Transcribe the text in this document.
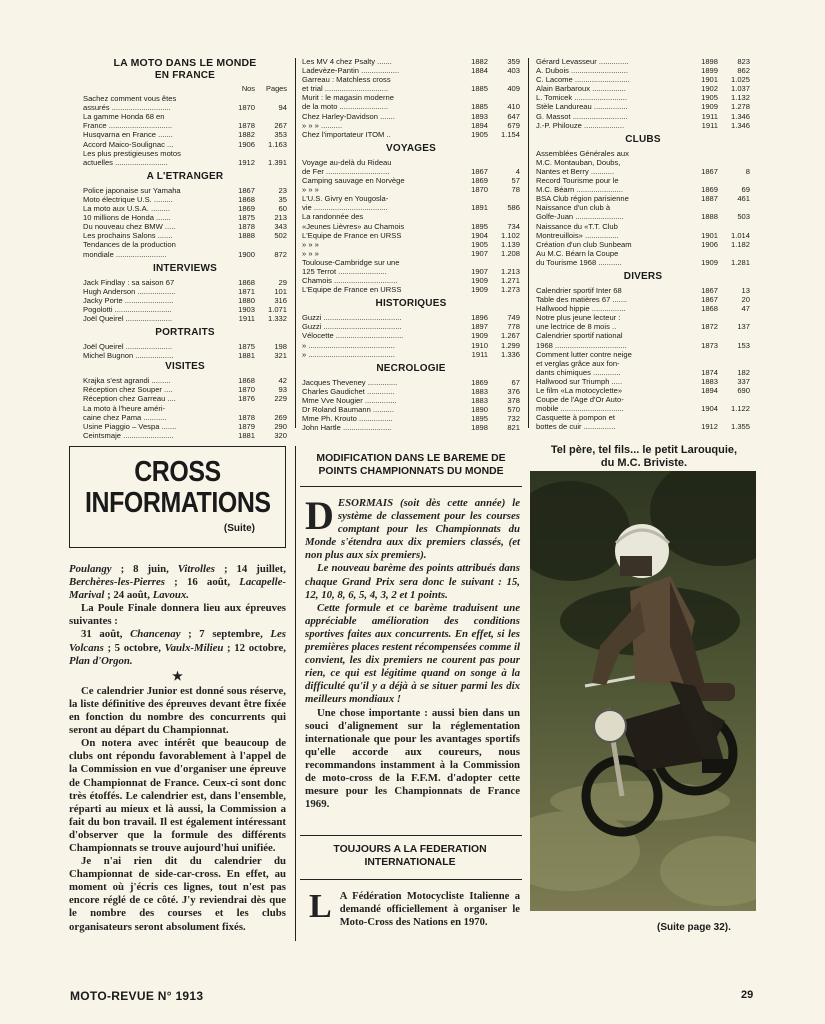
LA MOTO DANS LE MONDE
EN FRANCE
Nos	Pages
Sachez comment vous êtes
assurés ............................	1870	94
La gamme Honda 68 en
France ..............................	1878	267
Husqvarna en France .......	1882	353
Accord Maico-Soulignac ...	1906	1.163
Les plus prestigieuses motos
actuelles .........................	1912	1.391
A L'ETRANGER
Police japonaise sur Yamaha	1867	23
Moto électrique U.S. .........	1868	35
La moto aux U.S.A. .........	1869	60
10 millions de Honda .......	1875	213
Du nouveau chez BMW .....	1878	343
Les prochains Salons .......	1888	502
Tendances de la production
mondiale ........................	1900	872
INTERVIEWS
Jack Findlay : sa saison 67	1868	29
Hugh Anderson ..................	1871	101
Jacky Porte .......................	1880	316
Pogolotti ...........................	1903	1.071
Joël Queirel ......................	1911	1.332
PORTRAITS
Joël Queirel ......................	1875	198
Michel Bugnon ..................	1881	321
VISITES
Krajka s'est agrandi .........	1868	42
Réception chez Souper ....	1870	93
Réception chez Garreau ....	1876	229
La moto à l'heure améri-
caine chez Pama ...........	1878	269
Usine Piaggio – Vespa .......	1879	290
Ceintsmaje ........................	1881	320
Les MV 4 chez Psalty .......	1882	359
Ladevèze-Pantin ..................	1884	403
Garreau : Matchless cross
et trial ..............................	1885	409
Murit : le magasin moderne
de la moto .......................	1885	410
Chez Harley-Davidson .......	1893	647
» » » ..........	1894	679
Chez l'importateur ITOM ..	1905	1.154
VOYAGES
Voyage au-delà du Rideau
de Fer ..............................	1867	4
Camping sauvage en Norvège	1869	57
» » »	1870	78
L'U.S. Givry en Yougosla-
vie ...................................	1891	586
La randonnée des
«Jeunes Lièvres» au Chamois	1895	734
L'Equipe de France en URSS	1904	1.102
» » »	1905	1.139
» » »	1907	1.208
Toulouse-Cambridge sur une
125 Terrot .......................	1907	1.213
Chamois ..............................	1909	1.271
L'Equipe de France en URSS	1909	1.273
HISTORIQUES
Guzzi .....................................	1896	749
Guzzi .....................................	1897	778
Vélocette ................................	1909	1.267
» .........................................	1910	1.299
» .........................................	1911	1.336
NECROLOGIE
Jacques Theveney ..............	1869	67
Charles Gaudichet .............	1883	376
Mme Vve Nougier ...............	1883	378
Dr Roland Baumann ..........	1890	570
Mme Ph. Krouto ................	1895	732
John Hartle .......................	1898	821
Gérard Levasseur ..............	1898	823
A. Dubois ...........................	1899	862
C. Lacome ..........................	1901	1.025
Alain Barbaroux ................	1902	1.037
L. Tomicek .........................	1905	1.132
Stèle Landureau ................	1909	1.278
G. Massot ..........................	1911	1.346
J.-P. Philouze ...................	1911	1.346
CLUBS
Assemblées Générales aux
M.C. Montauban, Doubs,
Nantes et Berry ...........	1867	8
Record Tourisme pour le
M.C. Béarn ......................	1869	69
BSA Club région parisienne	1887	461
Naissance d'un club à
Golfe-Juan .......................	1888	503
Naissance du «T.T. Club
Montreuillois» ................	1901	1.014
Création d'un club Sunbeam	1906	1.182
Au M.C. Béarn la Coupe
du Tourisme 1968 ...........	1909	1.281
DIVERS
Calendrier sportif Inter 68	1867	13
Table des matières 67 .......	1867	20
Hallwood hippie ................	1868	47
Notre plus jeune lecteur :
une lectrice de 8 mois ..	1872	137
Calendrier sportif national
1968 ..................................	1873	153
Comment lutter contre neige
et verglas grâce aux fon-
dants chimiques .............	1874	182
Hallwood sur Triumph .....	1883	337
Le film «La motocyclette»	1894	690
Coupe de l'Age d'Or Auto-
mobile ..............................	1904	1.122
Casquette à pompon et
bottes de cuir ...............	1912	1.355
CROSS
INFORMATIONS
(Suite)

Poulangy ; 8 juin, Vitrolles ; 14 juillet, Berchères-les-Pierres ; 16 août, Lacapelle-Marival ; 24 août, Lavoux.

La Poule Finale donnera lieu aux épreuves suivantes :

31 août, Chancenay ; 7 septembre, Les Volcans ; 5 octobre, Vaulx-Milieu ; 12 octobre, Plan d'Orgon.

★

Ce calendrier Junior est donné sous réserve, la liste définitive des épreuves devant être fixée en fonction du nombre des concurrents qui seront au départ du Championnat.

On notera avec intérêt que beaucoup de clubs ont répondu favorablement à l'appel de la Commission en vue d'organiser une épreuve de Championnat de France. Ceux-ci sont donc très étoffés. Le calendrier est, dans l'ensemble, réparti au mieux et là aussi, la Commission a fait du bon travail. Il est également intéressant d'observer que la formule des différents Championnats se trouve aujourd'hui unifiée.

Je n'ai rien dit du calendrier du Championnat de side-car-cross. En effet, au moment où j'écris ces lignes, tout n'est pas encore réglé de ce côté. J'y reviendrai dès que le nombre des courses et les clubs organisateurs seront absolument fixés.

MODIFICATION DANS LE BAREME DE
POINTS CHAMPIONNATS DU MONDE

DESORMAIS (soit dès cette année) le système de classement pour les courses comptant pour les Championnats du Monde s'étendra aux dix premiers classés, (et non plus aux six premiers).

Le nouveau barème des points attribués dans chaque Grand Prix sera donc le suivant : 15, 12, 10, 8, 6, 5, 4, 3, 2 et 1 points.

Cette formule et ce barème traduisent une appréciable amélioration des conditions sportives faites aux concurrents. En effet, si les premières places restent récompensées comme il convient, les dix premiers ne courent pas pour rien, ce qui est légitime quand on songe à la difficulté qu'il y a déjà à se situer parmi les dix meilleurs mondiaux !

Une chose importante : aussi bien dans un souci d'alignement sur la réglementation internationale que pour les avantages sportifs qu'elle accorde aux coureurs, nous recommandons instamment à la Commission de moto-cross de la F.F.M. d'adopter cette mesure pour les Championnats de France 1969.

TOUJOURS A LA FEDERATION
INTERNATIONALE

L A Fédération Motocycliste Italienne a demandé officiellement à organiser le Moto-Cross des Nations en 1970.

Tel père, tel fils... le petit Larouquie,
du M.C. Briviste.
(Suite page 32).
MOTO-REVUE N° 1913	29
